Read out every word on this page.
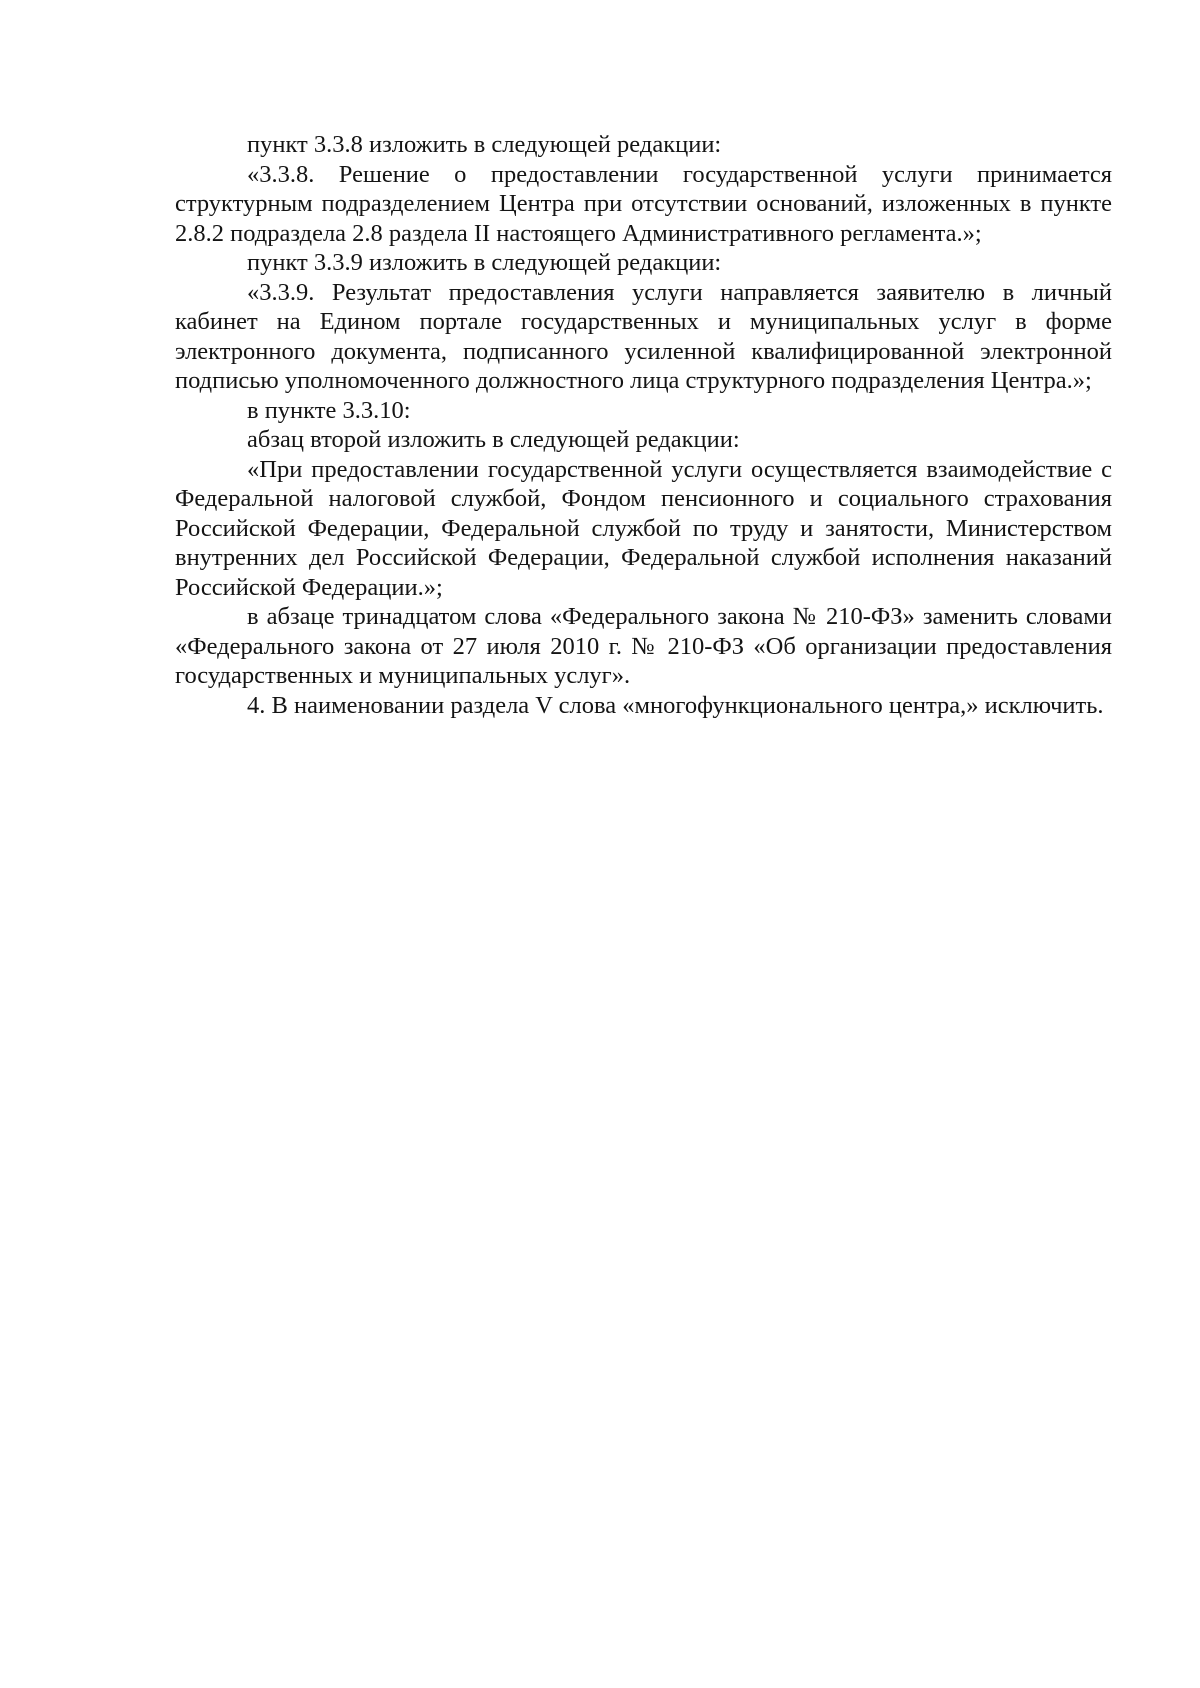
пункт 3.3.8 изложить в следующей редакции:

«3.3.8. Решение о предоставлении государственной услуги принимается структурным подразделением Центра при отсутствии оснований, изложенных в пункте 2.8.2 подраздела 2.8 раздела II настоящего Административного регламента.»;

пункт 3.3.9 изложить в следующей редакции:

«3.3.9. Результат предоставления услуги направляется заявителю в личный кабинет на Едином портале государственных и муниципальных услуг в форме электронного документа, подписанного усиленной квалифицированной электронной подписью уполномоченного должностного лица структурного подразделения Центра.»;

в пункте 3.3.10:

абзац второй изложить в следующей редакции:

«При предоставлении государственной услуги осуществляется взаимодействие с Федеральной налоговой службой, Фондом пенсионного и социального страхования Российской Федерации, Федеральной службой по труду и занятости, Министерством внутренних дел Российской Федерации, Федеральной службой исполнения наказаний Российской Федерации.»;

в абзаце тринадцатом слова «Федерального закона № 210-ФЗ» заменить словами «Федерального закона от 27 июля 2010 г. № 210-ФЗ «Об организации предоставления государственных и муниципальных услуг».

4. В наименовании раздела V слова «многофункционального центра,» исключить.
